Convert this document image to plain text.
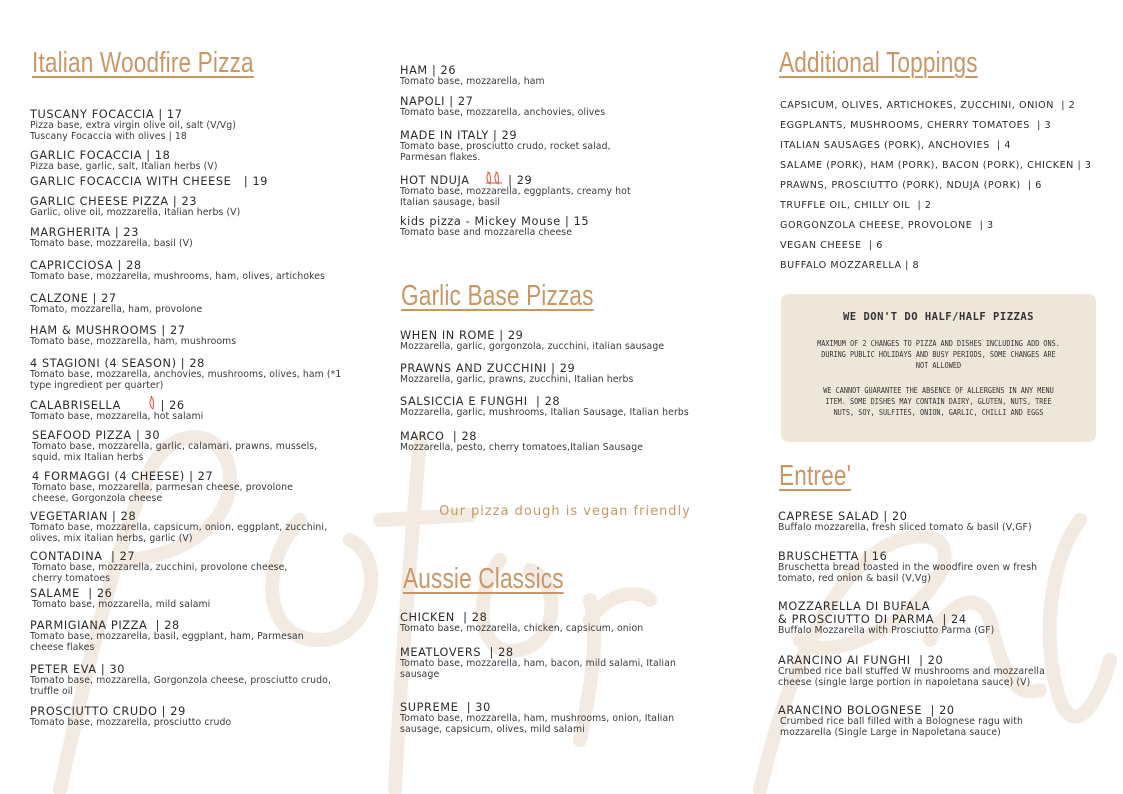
Italian Woodfire Pizza
TUSCANY FOCACCIA | 17
Pizza base, extra virgin olive oil, salt (V/Vg)
Tuscany Focaccia with olives | 18
GARLIC FOCACCIA | 18
Pizza base, garlic, salt, Italian herbs (V)
GARLIC FOCACCIA WITH CHEESE   | 19
GARLIC CHEESE PIZZA | 23
Garlic, olive oil, mozzarella, Italian herbs (V)
MARGHERITA | 23
Tomato base, mozzarella, basil (V)
CAPRICCIOSA | 28
Tomato base, mozzarella, mushrooms, ham, olives, artichokes
CALZONE | 27
Tomato, mozzarella, ham, provolone
HAM & MUSHROOMS | 27
Tomato base, mozzarella, ham, mushrooms
4 STAGIONI (4 SEASON) | 28
Tomato base, mozzarella, anchovies, mushrooms, olives, ham (*1 type ingredient per quarter)
CALABRISELLA	| 26
Tomato base, mozzarella, hot salami
SEAFOOD PIZZA | 30
Tomato base, mozzarella, garlic, calamari, prawns, mussels, squid, mix Italian herbs
4 FORMAGGI (4 CHEESE) | 27
Tomato base, mozzarella, parmesan cheese, provolone cheese, Gorgonzola cheese
VEGETARIAN | 28
Tomato base, mozzarella, capsicum, onion, eggplant, zucchini, olives, mix italian herbs, garlic (V)
CONTADINA  | 27
Tomato base, mozzarella, zucchini, provolone cheese, cherry tomatoes
SALAME  | 26
Tomato base, mozzarella, mild salami
PARMIGIANA PIZZA  | 28
Tomato base, mozzarella, basil, eggplant, ham, Parmesan cheese flakes
PETER EVA | 30
Tomato base, mozzarella, Gorgonzola cheese, prosciutto crudo, truffle oil
PROSCIUTTO CRUDO | 29
Tomato base, mozzarella, prosciutto crudo
HAM | 26
Tomato base, mozzarella, ham
NAPOLI | 27
Tomato base, mozzarella, anchovies, olives
MADE IN ITALY | 29
Tomato base, prosciutto crudo, rocket salad, Parmesan flakes.
HOT NDUJA	| 29
Tomato base, mozzarella, eggplants, creamy hot Italian sausage, basil
kids pizza - Mickey Mouse | 15
Tomato base and mozzarella cheese
Garlic Base Pizzas
WHEN IN ROME | 29
Mozzarella, garlic, gorgonzola, zucchini, italian sausage
PRAWNS AND ZUCCHINI | 29
Mozzarella, garlic, prawns, zucchini, Italian herbs
SALSICCIA E FUNGHI  | 28
Mozzarella, garlic, mushrooms, Italian Sausage, Italian herbs
MARCO  | 28
Mozzarella, pesto, cherry tomatoes,Italian Sausage
Aussie Classics
CHICKEN  | 28
Tomato base, mozzarella, chicken, capsicum, onion
MEATLOVERS  | 28
Tomato base, mozzarella, ham, bacon, mild salami, Italian sausage
SUPREME  | 30
Tomato base, mozzarella, ham, mushrooms, onion, Italian sausage, capsicum, olives, mild salami
Our pizza dough is vegan friendly
Additional Toppings
CAPSICUM, OLIVES, ARTICHOKES, ZUCCHINI, ONION  | 2
EGGPLANTS, MUSHROOMS, CHERRY TOMATOES  | 3
ITALIAN SAUSAGES (PORK), ANCHOVIES  | 4
SALAME (PORK), HAM (PORK), BACON (PORK), CHICKEN | 3
PRAWNS, PROSCIUTTO (PORK), NDUJA (PORK)  | 6
TRUFFLE OIL, CHILLY OIL  | 2
GORGONZOLA CHEESE, PROVOLONE  | 3
VEGAN CHEESE  | 6
BUFFALO MOZZARELLA | 8
Entree'
CAPRESE SALAD | 20
Buffalo mozzarella, fresh sliced tomato & basil (V,GF)
BRUSCHETTA | 16
Bruschetta bread toasted in the woodfire oven w fresh tomato, red onion & basil (V,Vg)
MOZZARELLA DI BUFALA
& PROSCIUTTO DI PARMA  | 24
Buffalo Mozzarella with Prosciutto Parma (GF)
ARANCINO AI FUNGHI  | 20
Crumbed rice ball stuffed W mushrooms and mozzarella cheese (single large portion in napoletana sauce) (V)
ARANCINO BOLOGNESE  | 20
Crumbed rice ball filled with a Bolognese ragu with mozzarella (Single Large in Napoletana sauce)
WE DON'T DO HALF/HALF PIZZAS
MAXIMUM OF 2 CHANGES TO PIZZA AND DISHES INCLUDING ADD ONS. DURING PUBLIC HOLIDAYS AND BUSY PERIODS, SOME CHANGES ARE NOT ALLOWED
WE CANNOT GUARANTEE THE ABSENCE OF ALLERGENS IN ANY MENU ITEM. SOME DISHES MAY CONTAIN DAIRY, GLUTEN, NUTS, TREE NUTS, SOY, SULFITES, ONION, GARLIC, CHILLI AND EGGS
